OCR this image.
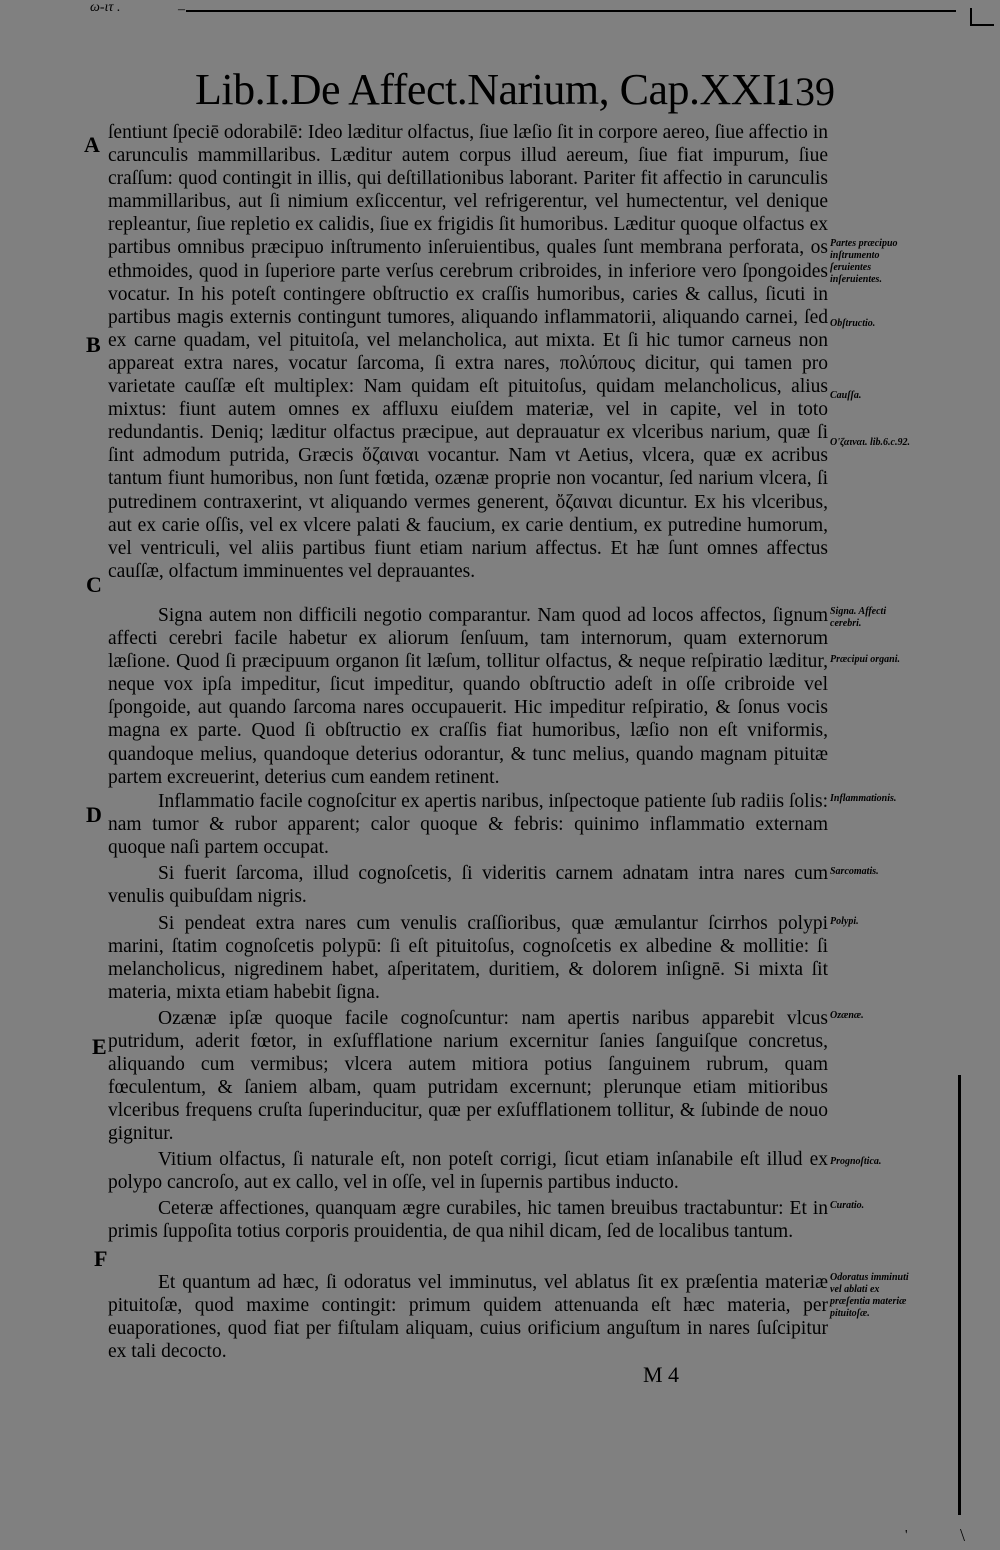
ω-ιτ .	–
Lib.I.De Affect.Narium, Cap.XXI.
139
A
B
C
D
E
F
ſentiunt ſpeciē odorabilē: Ideo læditur olfactus, ſiue læſio ſit in corpore aereo, ſiue affectio in carunculis mammillaribus. Læditur autem corpus illud aereum, ſiue fiat impurum, ſiue craſſum: quod contingit in illis, qui deſtillationibus laborant. Pariter fit affectio in carunculis mammillaribus, aut ſi nimium exſiccentur, vel refrigerentur, vel humectentur, vel denique repleantur, ſiue repletio ex calidis, ſiue ex frigidis ſit humoribus. Læditur quoque olfactus ex partibus omnibus præcipuo inſtrumento inſeruientibus, quales ſunt membrana perforata, os ethmoides, quod in ſuperiore parte verſus cerebrum cribroides, in inferiore vero ſpongoides vocatur. In his poteſt contingere obſtructio ex craſſis humoribus, caries & callus, ſicuti in partibus magis externis contingunt tumores, aliquando inflammatorii, aliquando carnei, ſed ex carne quadam, vel pituitoſa, vel melancholica, aut mixta. Et ſi hic tumor carneus non appareat extra nares, vocatur ſarcoma, ſi extra nares, πολύπους dicitur, qui tamen pro varietate cauſſæ eſt multiplex: Nam quidam eſt pituitoſus, quidam melancholicus, alius mixtus: fiunt autem omnes ex affluxu eiuſdem materiæ, vel in capite, vel in toto redundantis. Deniq; læditur olfactus præcipue, aut deprauatur ex vlceribus narium, quæ ſi ſint admodum putrida, Græcis ὄζαιναι vocantur. Nam vt Aetius, vlcera, quæ ex acribus tantum fiunt humoribus, non ſunt fœtida, ozænæ proprie non vocantur, ſed narium vlcera, ſi putredinem contraxerint, vt aliquando vermes generent, ὄζαιναι dicuntur. Ex his vlceribus, aut ex carie oſſis, vel ex vlcere palati & faucium, ex carie dentium, ex putredine humorum, vel ventriculi, vel aliis partibus fiunt etiam narium affectus. Et hæ ſunt omnes affectus cauſſæ, olfactum imminuentes vel deprauantes.
Signa autem non difficili negotio comparantur. Nam quod ad locos affectos, ſignum affecti cerebri facile habetur ex aliorum ſenſuum, tam internorum, quam externorum læſione. Quod ſi præcipuum organon ſit læſum, tollitur olfactus, & neque reſpiratio læditur, neque vox ipſa impeditur, ſicut impeditur, quando obſtructio adeſt in oſſe cribroide vel ſpongoide, aut quando ſarcoma nares occupauerit. Hic impeditur reſpiratio, & ſonus vocis magna ex parte. Quod ſi obſtructio ex craſſis fiat humoribus, læſio non eſt vniformis, quandoque melius, quandoque deterius odorantur, & tunc melius, quando magnam pituitæ partem excreuerint, deterius cum eandem retinent.
Inflammatio facile cognoſcitur ex apertis naribus, inſpectoque patiente ſub radiis ſolis: nam tumor & rubor apparent; calor quoque & febris: quinimo inflammatio externam quoque naſi partem occupat.
Si fuerit ſarcoma, illud cognoſcetis, ſi videritis carnem adnatam intra nares cum venulis quibuſdam nigris.
Si pendeat extra nares cum venulis craſſioribus, quæ æmulantur ſcirrhos polypi marini, ſtatim cognoſcetis polypū: ſi eſt pituitoſus, cognoſcetis ex albedine & mollitie: ſi melancholicus, nigredinem habet, aſperitatem, duritiem, & dolorem inſignē. Si mixta ſit materia, mixta etiam habebit ſigna.
Ozænæ ipſæ quoque facile cognoſcuntur: nam apertis naribus apparebit vlcus putridum, aderit fœtor, in exſufflatione narium excernitur ſanies ſanguiſque concretus, aliquando cum vermibus; vlcera autem mitiora potius ſanguinem rubrum, quam fœculentum, & ſaniem albam, quam putridam excernunt; plerunque etiam mitioribus vlceribus frequens cruſta ſuperinducitur, quæ per exſufflationem tollitur, & ſubinde de nouo gignitur.
Vitium olfactus, ſi naturale eſt, non poteſt corrigi, ſicut etiam inſanabile eſt illud ex polypo cancroſo, aut ex callo, vel in oſſe, vel in ſupernis partibus inducto.
Ceteræ affectiones, quanquam ægre curabiles, hic tamen breuibus tractabuntur: Et in primis ſuppoſita totius corporis prouidentia, de qua nihil dicam, ſed de localibus tantum.
Et quantum ad hæc, ſi odoratus vel imminutus, vel ablatus ſit ex præſentia materiæ pituitoſæ, quod maxime contingit: primum quidem attenuanda eſt hæc materia, per euaporationes, quod fiat per fiſtulam aliquam, cuius orificium anguſtum in nares ſuſcipitur ex tali decocto.
Partes præcipuo inſtrumento ſeruientes inſeruientes.
Obſtructio.
Cauſſa.
O'ζαιναι. lib.6.c.92.
Signa. Affecti cerebri.
Præcipui organi.
Inflammationis.
Sarcomatis.
Polypi.
Ozænæ.
Prognoſtica.
Curatio.
Odoratus imminuti vel ablati ex præſentia materiæ pituitoſæ.
M 4
'	\
